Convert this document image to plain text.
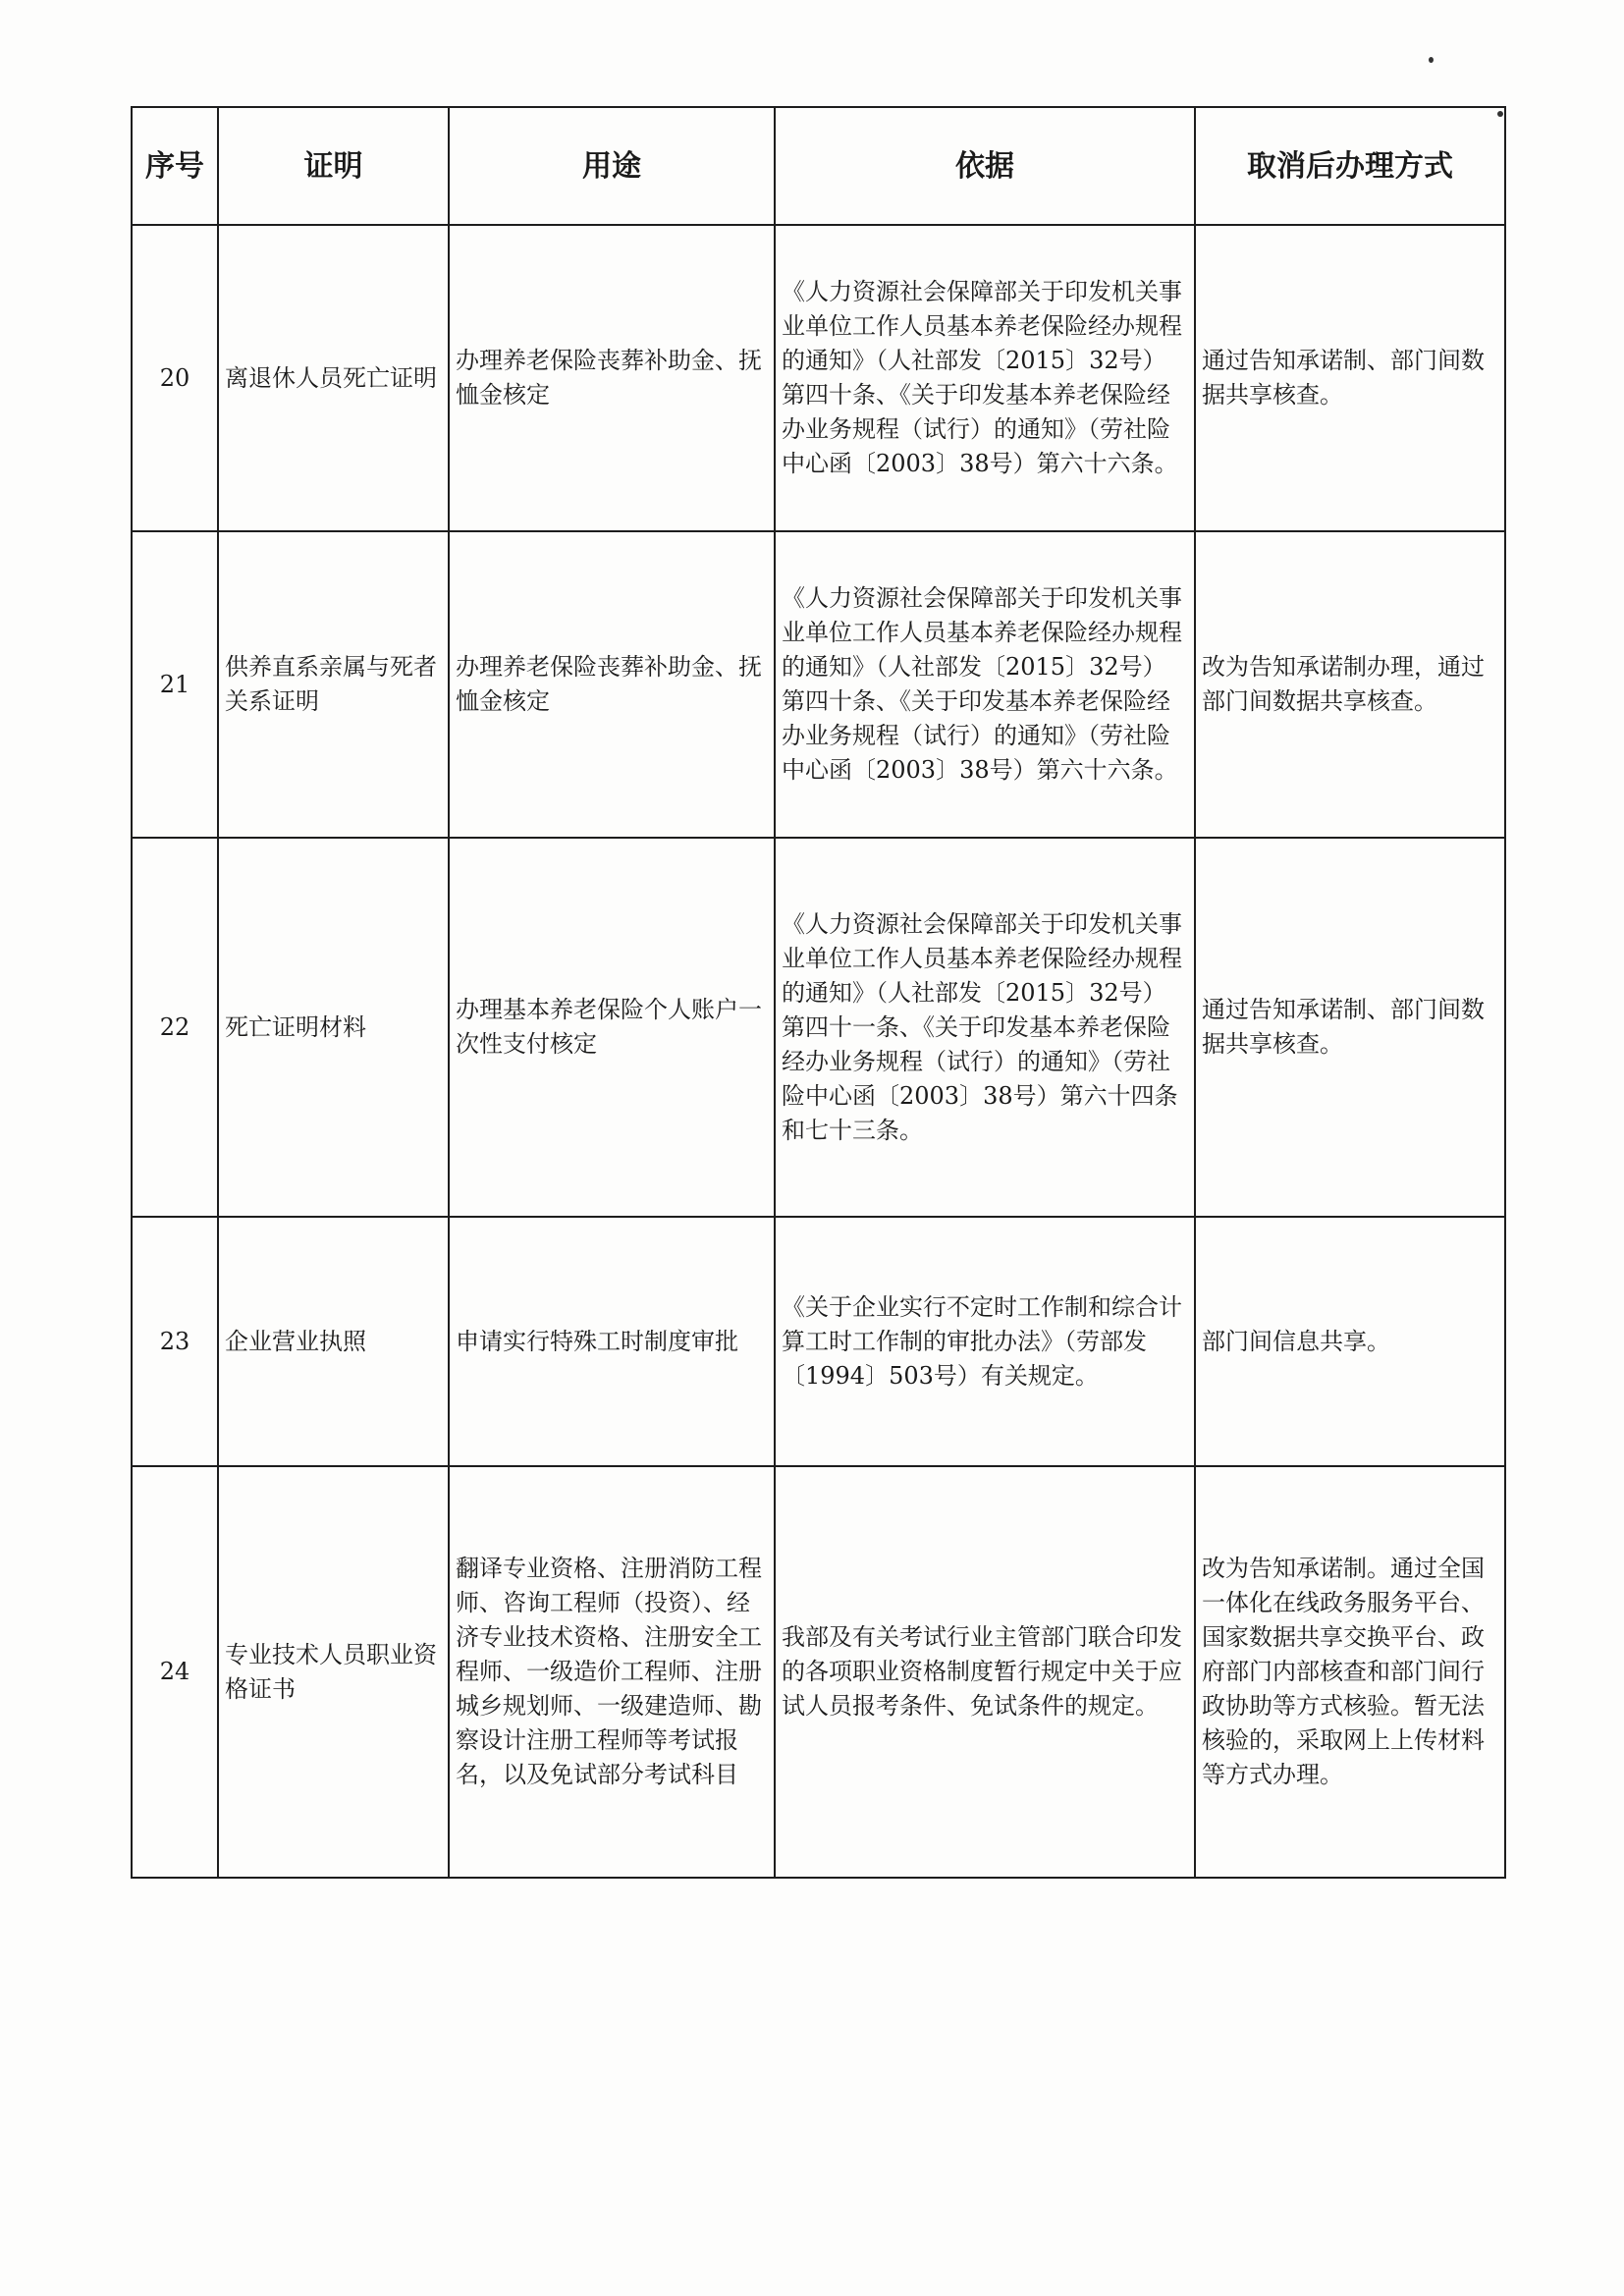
序号	证明	用途	依据	取消后办理方式
20	离退休人员死亡证明	办理养老保险丧葬补助金、抚恤金核定	《人力资源社会保障部关于印发机关事业单位工作人员基本养老保险经办规程的通知》（人社部发〔2015〕32号）第四十条、《关于印发基本养老保险经办业务规程（试行）的通知》（劳社险中心函〔2003〕38号）第六十六条。	通过告知承诺制、部门间数据共享核查。
21	供养直系亲属与死者关系证明	办理养老保险丧葬补助金、抚恤金核定	《人力资源社会保障部关于印发机关事业单位工作人员基本养老保险经办规程的通知》（人社部发〔2015〕32号）第四十条、《关于印发基本养老保险经办业务规程（试行）的通知》（劳社险中心函〔2003〕38号）第六十六条。	改为告知承诺制办理，通过部门间数据共享核查。
22	死亡证明材料	办理基本养老保险个人账户一次性支付核定	《人力资源社会保障部关于印发机关事业单位工作人员基本养老保险经办规程的通知》（人社部发〔2015〕32号）第四十一条、《关于印发基本养老保险经办业务规程（试行）的通知》（劳社险中心函〔2003〕38号）第六十四条和七十三条。	通过告知承诺制、部门间数据共享核查。
23	企业营业执照	申请实行特殊工时制度审批	《关于企业实行不定时工作制和综合计算工时工作制的审批办法》（劳部发〔1994〕503号）有关规定。	部门间信息共享。
24	专业技术人员职业资格证书	翻译专业资格、注册消防工程师、咨询工程师（投资）、经济专业技术资格、注册安全工程师、一级造价工程师、注册城乡规划师、一级建造师、勘察设计注册工程师等考试报名，以及免试部分考试科目	我部及有关考试行业主管部门联合印发的各项职业资格制度暂行规定中关于应试人员报考条件、免试条件的规定。	改为告知承诺制。通过全国一体化在线政务服务平台、国家数据共享交换平台、政府部门内部核查和部门间行政协助等方式核验。暂无法核验的，采取网上上传材料等方式办理。
